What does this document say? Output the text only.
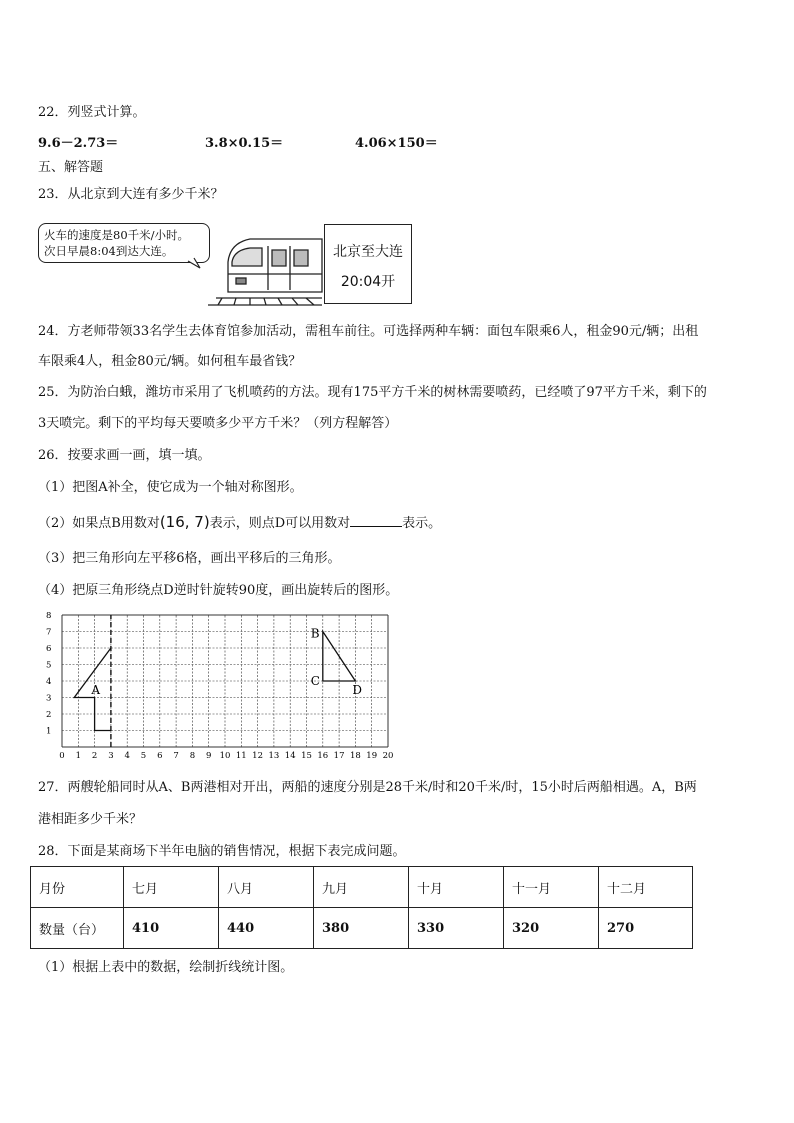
22．列竖式计算。
9.6－2.73＝	3.8×0.15＝	4.06×150＝
五、解答题
23．从北京到大连有多少千米？
火车的速度是80千米/小时。
次日早晨8:04到达大连。	北京至大连
20:04开
24．方老师带领33名学生去体育馆参加活动，需租车前往。可选择两种车辆：面包车限乘6人，租金90元/辆；出租
车限乘4人，租金80元/辆。如何租车最省钱？
25．为防治白蛾，潍坊市采用了飞机喷药的方法。现有175平方千米的树林需要喷药，已经喷了97平方千米，剩下的
3天喷完。剩下的平均每天要喷多少平方千米？（列方程解答）
26．按要求画一画，填一填。
（1）把图A补全，使它成为一个轴对称图形。
（2）如果点B用数对(16, 7)表示，则点D可以用数对	表示。
（3）把三角形向左平移6格，画出平移后的三角形。
（4）把原三角形绕点D逆时针旋转90度，画出旋转后的图形。
0 1 2 3 4 5 6 7 8 9 10 11 12 13 14 15 16 17 18 19 20
1
2
3
4
5
6
7
8
A
B
C
D
27．两艘轮船同时从A、B两港相对开出，两船的速度分别是28千米/时和20千米/时，15小时后两船相遇。A，B两
港相距多少千米？
28．下面是某商场下半年电脑的销售情况，根据下表完成问题。
月份	七月	八月	九月	十月	十一月	十二月
数量（台）	410	440	380	330	320	270
（1）根据上表中的数据，绘制折线统计图。
